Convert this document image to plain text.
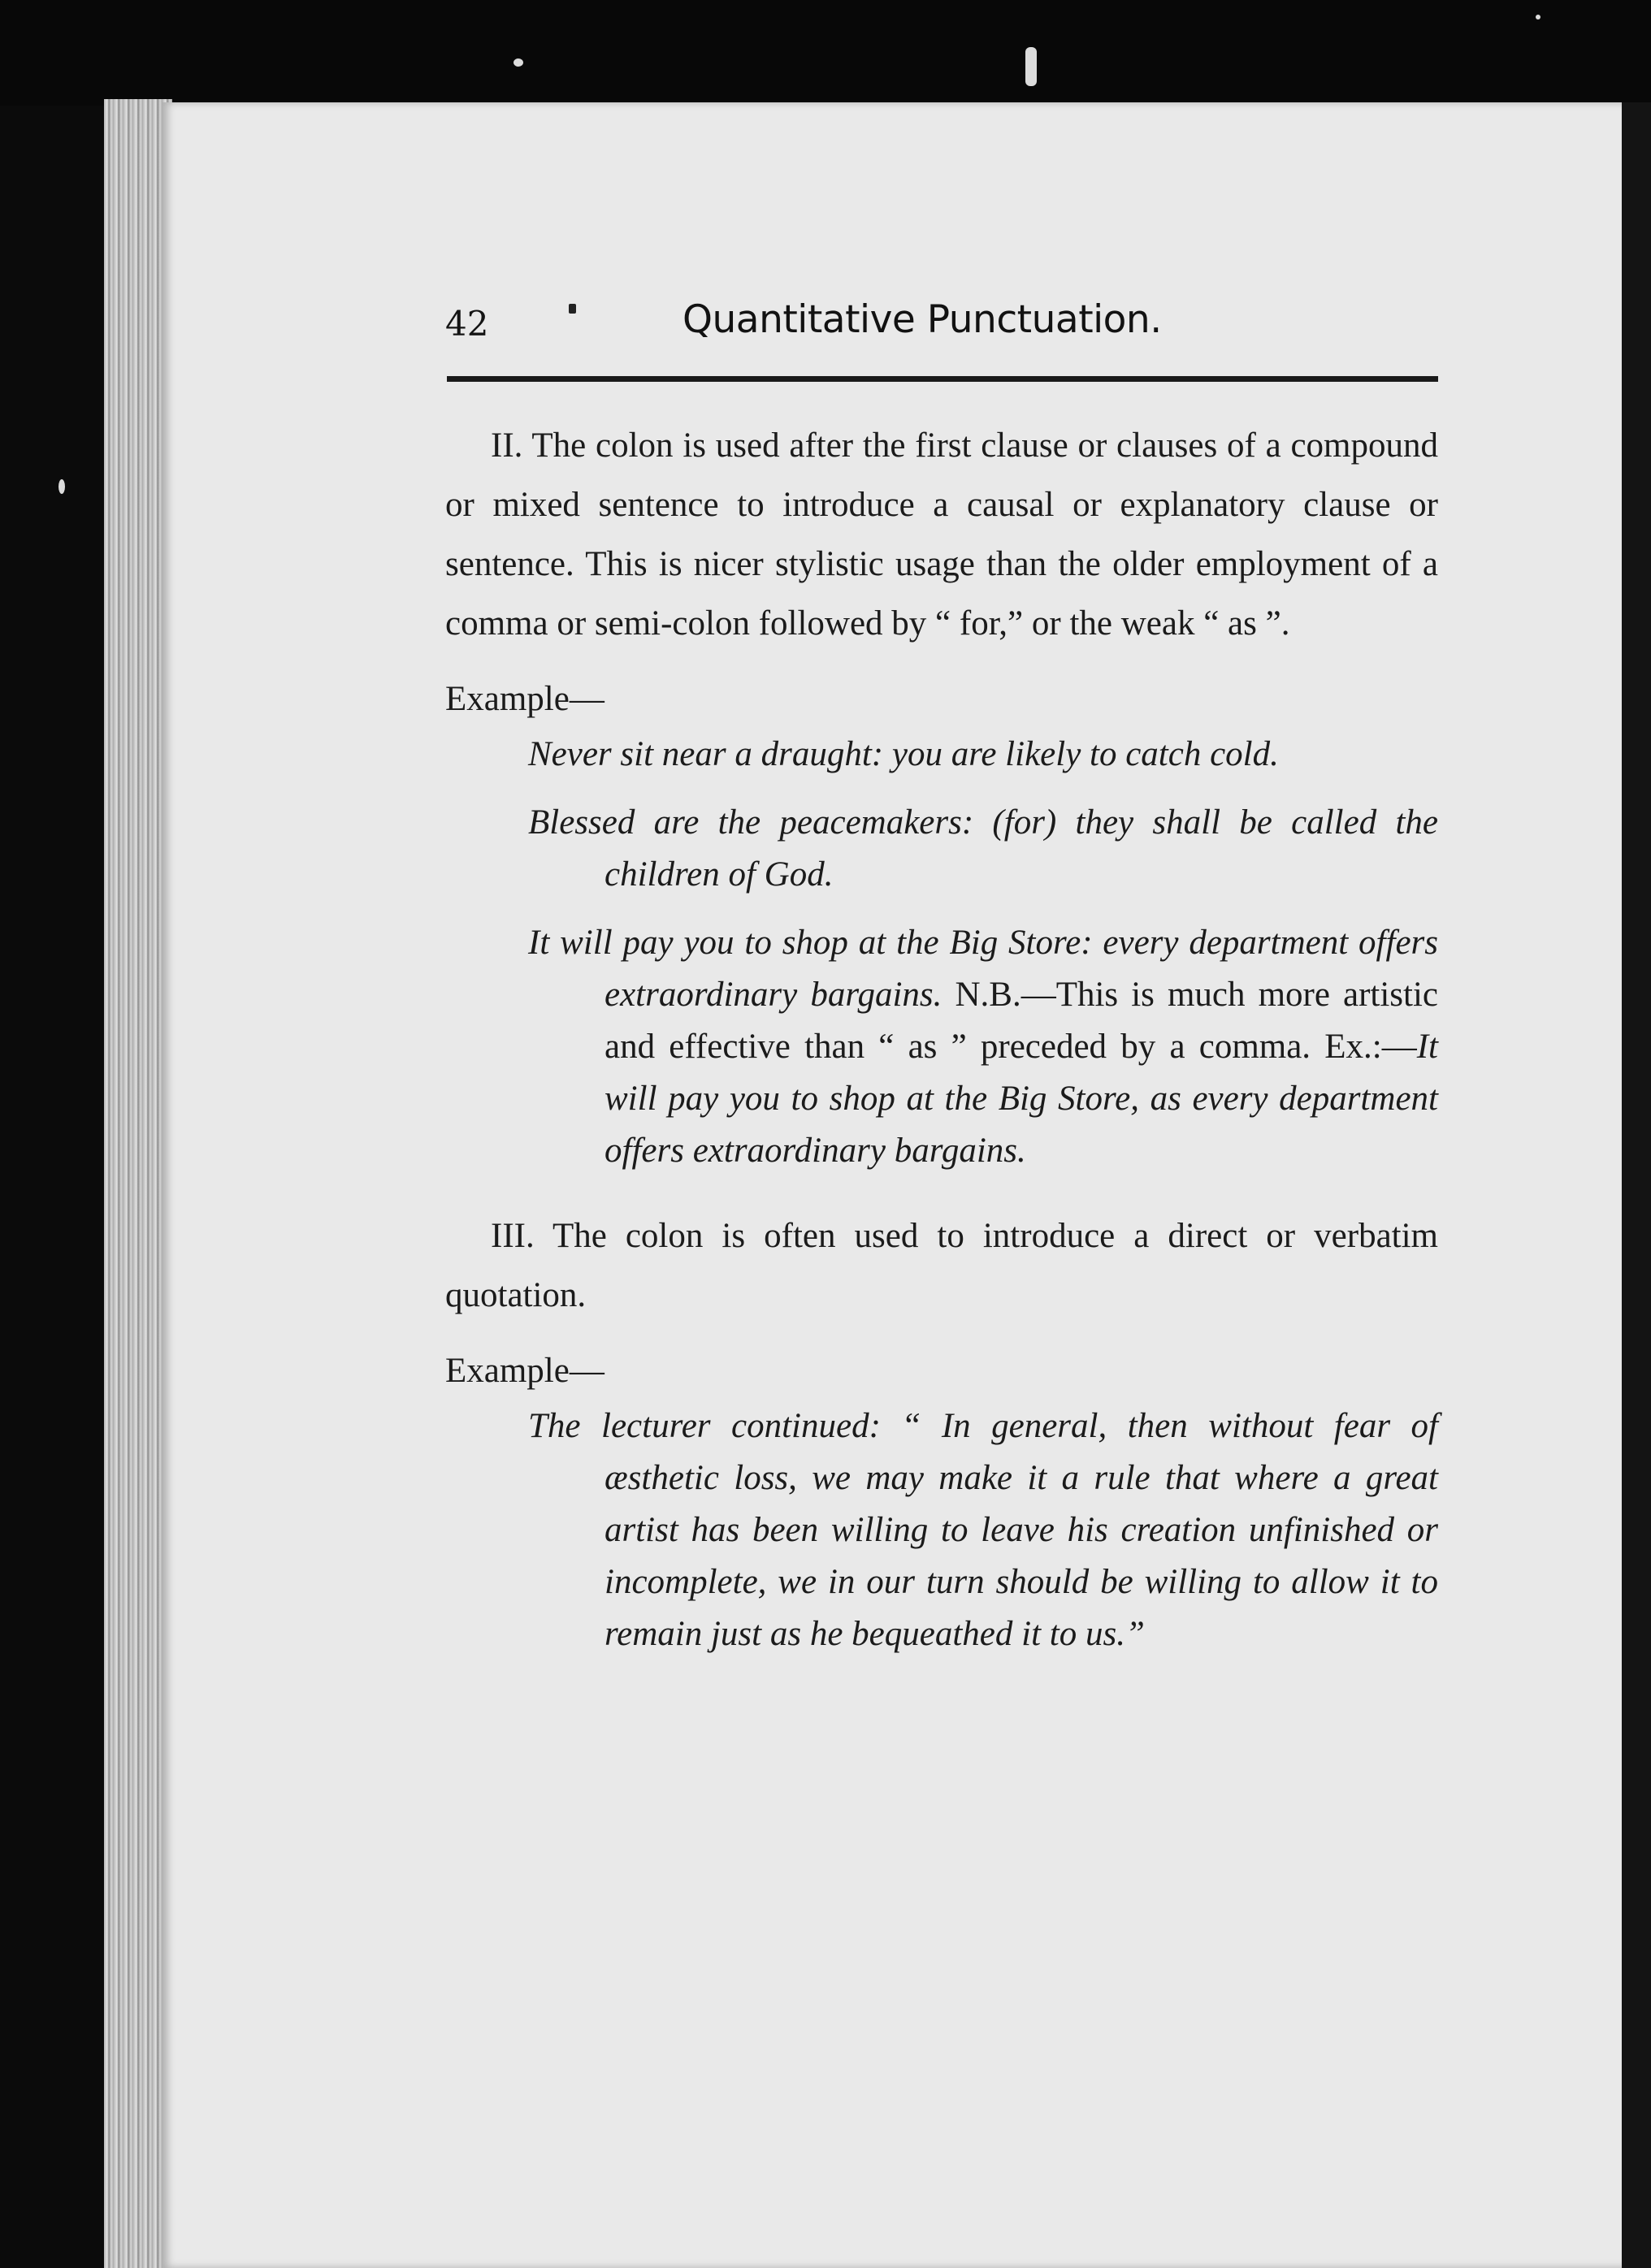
42	Quantitative Punctuation.

II. The colon is used after the first clause or clauses of a compound or mixed sentence to introduce a causal or explanatory clause or sentence. This is nicer stylistic usage than the older employment of a comma or semi-colon followed by “ for,” or the weak “ as ”.

Example—

Never sit near a draught: you are likely to catch cold.

Blessed are the peacemakers: (for) they shall be called the children of God.

It will pay you to shop at the Big Store: every department offers extraordinary bargains. N.B.—This is much more artistic and effective than “ as ” preceded by a comma. Ex.:—It will pay you to shop at the Big Store, as every department offers extraordinary bargains.

III. The colon is often used to introduce a direct or verbatim quotation.

Example—

The lecturer continued: “ In general, then without fear of æsthetic loss, we may make it a rule that where a great artist has been willing to leave his creation unfinished or incomplete, we in our turn should be willing to allow it to remain just as he bequeathed it to us.”
